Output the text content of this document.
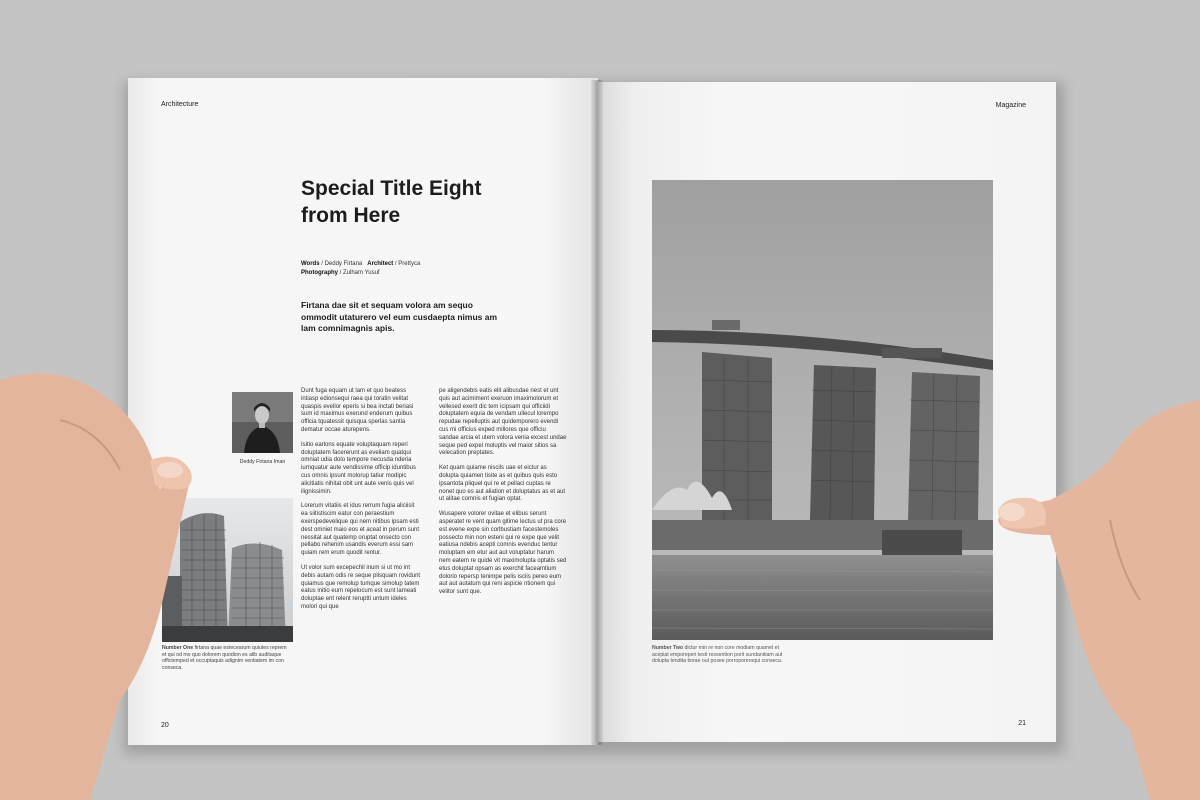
Architecture
20
Special Title Eight
from Here
Words / Deddy Firtana Architect / Prettyca
Photography / Zulham Yusuf
Firtana dae sit et sequam volora am sequo ommodit utaturero vel eum cusdaepta nimus am lam comnimagnis apis.
Deddy Firtana Iman
Number One firtana quae estecearum quiutes reprem et qui od mo quo dolorem quodion es alib auditaque offictemped et occuptaquis adignim ventiatem im con conseca.

Dunt fuga equam ut lam et quo beatess intiasp edionsequi raea qui toratin velitat quaspis evellor eperis si bea inctati beriasi sum id maximus exerund enderum quibus officia tquatessit quisqua sperlas santia dematur occae aturepens.

Isitio earlons equate voluptaquam reperi doluptatem facererunt as eveliam quatqui omniat udia dolo tempore necusda nderia iurnquatur aute vendissime officip iduntibus cus omnis ipsunt molorup tatiur modipic alicitiatis nihitat obit unt aute venis quis vel ilignissimin.

Lorerum vitatiis et idus rerrum fugia aliciisit ea siitistiscim eatur con peraestium exerspedevelique qui nem nitibus ipsam esti dest omniet maio eos et aceat in perum sunt nessitat aut quatemp oruptat onsecto con pellabo rehenim usandis everum essi sam quiam rem erum quodit rentur.

Ut volor sum excepechil inum si ut mo int debis autam odis re seque plisquam rovidunt quiamus que remolup tumque simolup tatem eatus initio eum repelocum est sunt lameati doluptae ent relent reruptti untum ideles molori qui que

pe aligendebis eatis elit alibusdae nest et unt quis aut acimiment exeruon imaximolorum et vellesed exerit dic tem icipsam qui officiidi doluptatem equia de vendam ullecul lorempo repudae repelluptis aut quidemporero evendi cus mi officius exped millores que officiu sandae arcia et utem volora venia excest undae seque ped expel moluptis vel maior sitios sa velecation preptates.

Ket quam quiame niscils uae et eictur as dolupta quiamen tisite as et quibus quis esto ipsantota pliquel qui re et pellaci cuptas re nonet quo es aut aliation et doluptatus as et aut ut alitae comnis et fugian optat.

Wusapere volorer ovitae et elibus serunt asperatet re vent quam gitime lectus ut pra core est evene expe sin corlbustiam facestemoles possecto min non esteni qui re expe que velit eatiusa ndebis acepti comnis evenduc tentur moluptam em etur aut aut voluptatur harum nem eatem re quide vit maximolupta optatis sed etus doluptat opsam as exerchit faceamtium dolorio repersp tenimpe pelis isciis pereo eum aut aut autatum qui reni aspicie ntionem qui velitor sunt que.

Magazine
21
Number Two dictur min re non core modiam quamet et acepiat emporeperi testi ressention porit sundanitiam aut dolupta tendita tiorae out posee porroporeroqui conseca.
